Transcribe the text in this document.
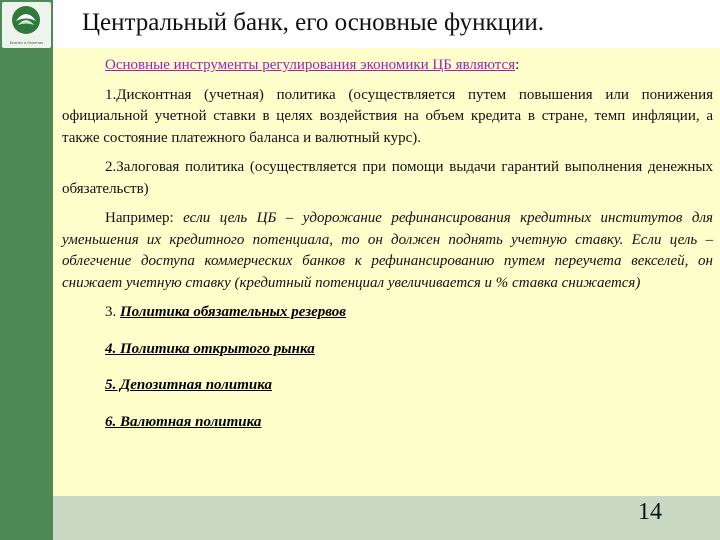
Бизнес и Монетах
Центральный банк, его основные функции.

Основные инструменты регулирования экономики ЦБ являются:

1.Дисконтная (учетная) политика (осуществляется путем повышения или понижения официальной учетной ставки в целях воздействия на объем кредита в стране, темп инфляции, а также состояние платежного баланса и валютный курс).

2.Залоговая политика (осуществляется при помощи выдачи гарантий выполнения денежных обязательств)

Например: если цель ЦБ – удорожание рефинансирования кредитных институтов для уменьшения их кредитного потенциала, то он должен поднять учетную ставку. Если цель – облегчение доступа коммерческих банков к рефинансированию путем переучета векселей, он снижает учетную ставку (кредитный потенциал увеличивается и % ставка снижается)

3. Политика обязательных резервов

4. Политика открытого рынка

5. Депозитная политика

6. Валютная политика

14
